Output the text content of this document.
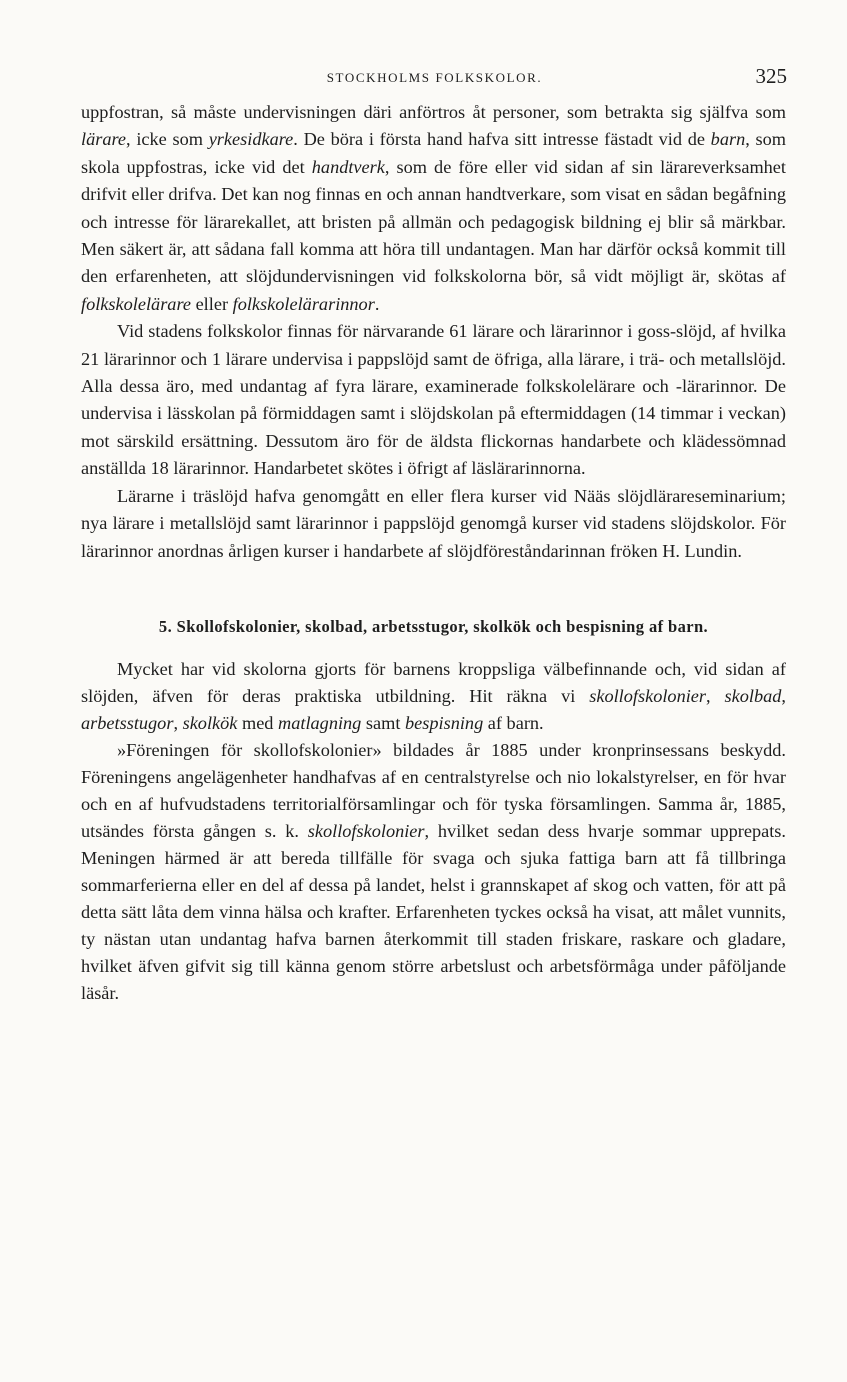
STOCKHOLMS FOLKSKOLOR.	325

uppfostran, så måste undervisningen däri anförtros åt personer, som betrakta sig själfva som lärare, icke som yrkesidkare. De böra i första hand hafva sitt intresse fästadt vid de barn, som skola uppfostras, icke vid det handtverk, som de före eller vid sidan af sin lärareverksamhet drifvit eller drifva. Det kan nog finnas en och annan handtverkare, som visat en sådan begåfning och intresse för lärarekallet, att bristen på allmän och pedagogisk bildning ej blir så märkbar. Men säkert är, att sådana fall komma att höra till undantagen. Man har därför också kommit till den erfarenheten, att slöjdundervisningen vid folkskolorna bör, så vidt möjligt är, skötas af folkskolelärare eller folkskolelärarinnor.

Vid stadens folkskolor finnas för närvarande 61 lärare och lärarinnor i goss-slöjd, af hvilka 21 lärarinnor och 1 lärare undervisa i pappslöjd samt de öfriga, alla lärare, i trä- och metallslöjd. Alla dessa äro, med undantag af fyra lärare, examinerade folkskolelärare och -lärarinnor. De undervisa i lässkolan på förmiddagen samt i slöjdskolan på eftermiddagen (14 timmar i veckan) mot särskild ersättning. Dessutom äro för de äldsta flickornas handarbete och klädessömnad anställda 18 lärarinnor. Handarbetet skötes i öfrigt af läslärarinnorna.

Lärarne i träslöjd hafva genomgått en eller flera kurser vid Nääs slöjdlärareseminarium; nya lärare i metallslöjd samt lärarinnor i pappslöjd genomgå kurser vid stadens slöjdskolor. För lärarinnor anordnas årligen kurser i handarbete af slöjdföreståndarinnan fröken H. Lundin.

5. Skollofskolonier, skolbad, arbetsstugor, skolkök och bespisning af barn.

Mycket har vid skolorna gjorts för barnens kroppsliga välbefinnande och, vid sidan af slöjden, äfven för deras praktiska utbildning. Hit räkna vi skollofskolonier, skolbad, arbetsstugor, skolkök med matlagning samt bespisning af barn.

»Föreningen för skollofskolonier» bildades år 1885 under kronprinsessans beskydd. Föreningens angelägenheter handhafvas af en centralstyrelse och nio lokalstyrelser, en för hvar och en af hufvudstadens territorialförsamlingar och för tyska församlingen. Samma år, 1885, utsändes första gången s. k. skollofskolonier, hvilket sedan dess hvarje sommar upprepats. Meningen härmed är att bereda tillfälle för svaga och sjuka fattiga barn att få tillbringa sommarferierna eller en del af dessa på landet, helst i grannskapet af skog och vatten, för att på detta sätt låta dem vinna hälsa och krafter. Erfarenheten tyckes också ha visat, att målet vunnits, ty nästan utan undantag hafva barnen återkommit till staden friskare, raskare och gladare, hvilket äfven gifvit sig till känna genom större arbetslust och arbetsförmåga under påföljande läsår.
